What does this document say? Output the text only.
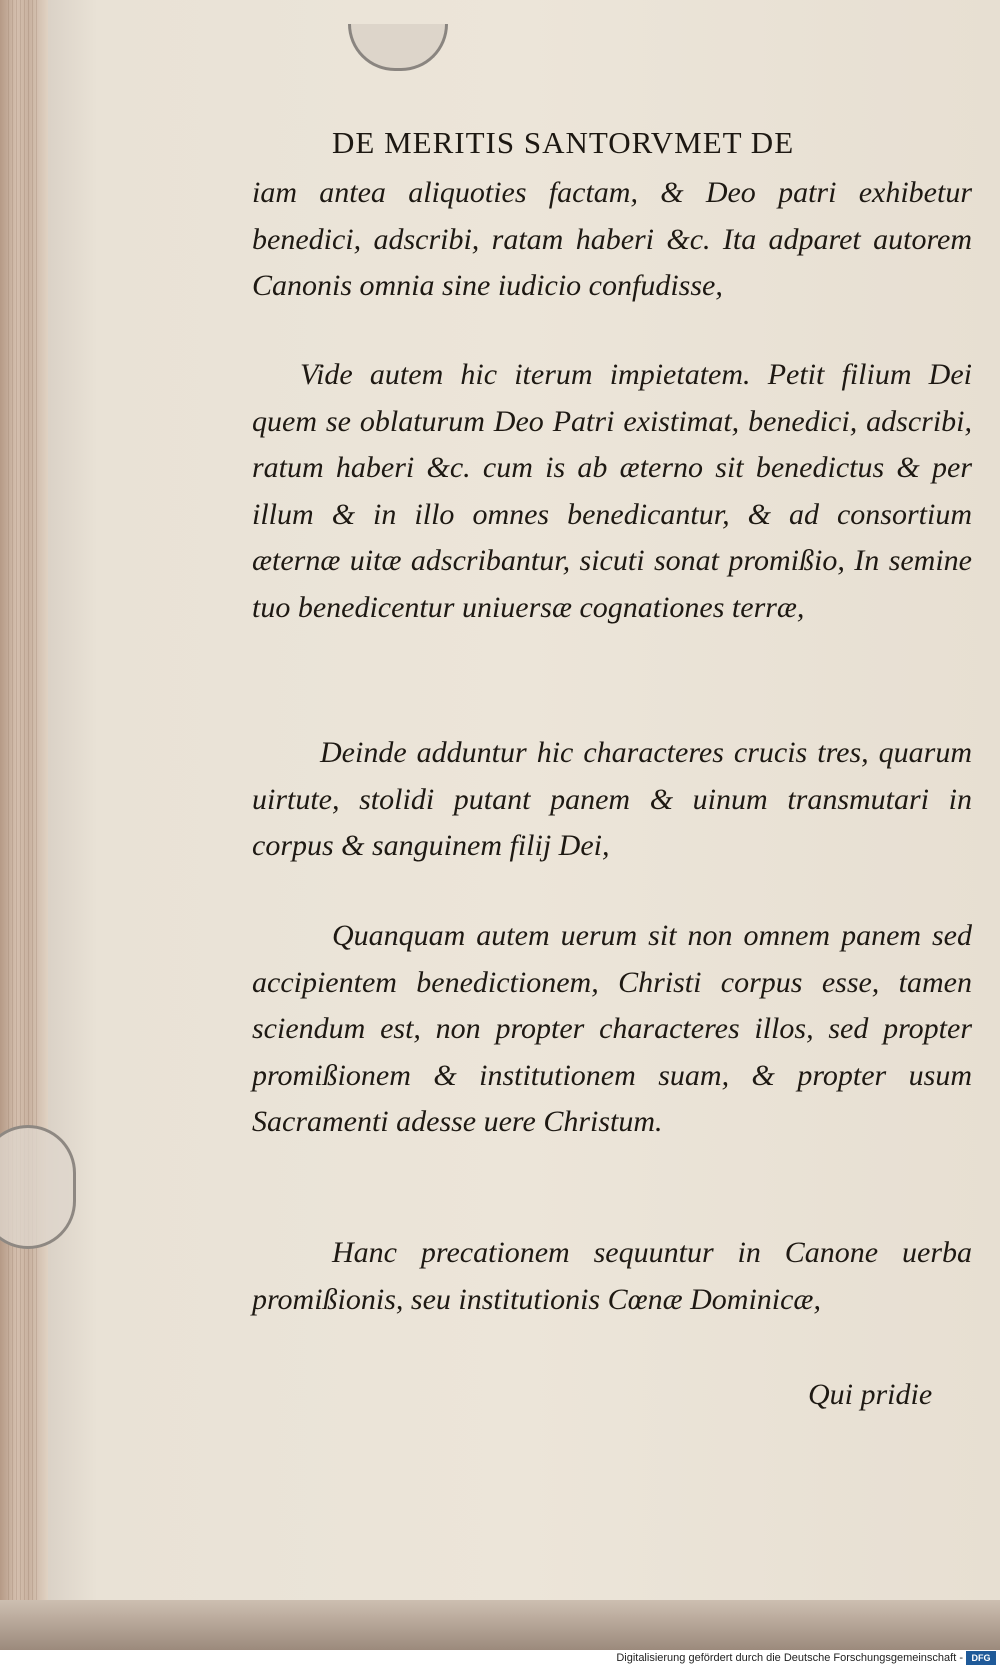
DE MERITIS SANTORVMET DE
iam antea aliquoties factam, & Deo patri exhibetur benedici, adscribi, ratam haberi &c. Ita adparet autorem Canonis omnia sine iudicio confudisse,
Vide autem hic iterum impietatem. Petit filium Dei quem se oblaturum Deo Patri existimat, benedici, adscribi, ratum haberi &c. cum is ab æterno sit benedictus & per illum & in illo omnes benedicantur, & ad consortium æternæ uitæ adscribantur, sicuti sonat promißio, In semine tuo benedicentur uniuersæ cognationes terræ,
Deinde adduntur hic characteres crucis tres, quarum uirtute, stolidi putant panem & uinum transmutari in corpus & sanguinem filij Dei,
Quanquam autem uerum sit non omnem panem sed accipientem benedictionem, Christi corpus esse, tamen sciendum est, non propter characteres illos, sed propter promißionem & institutionem suam, & propter usum Sacramenti adesse uere Christum.
Hanc precationem sequuntur in Canone uerba promißionis, seu institutionis Cœnæ Dominicæ,
Qui pridie
Digitalisierung gefördert durch die Deutsche Forschungsgemeinschaft - DFG
